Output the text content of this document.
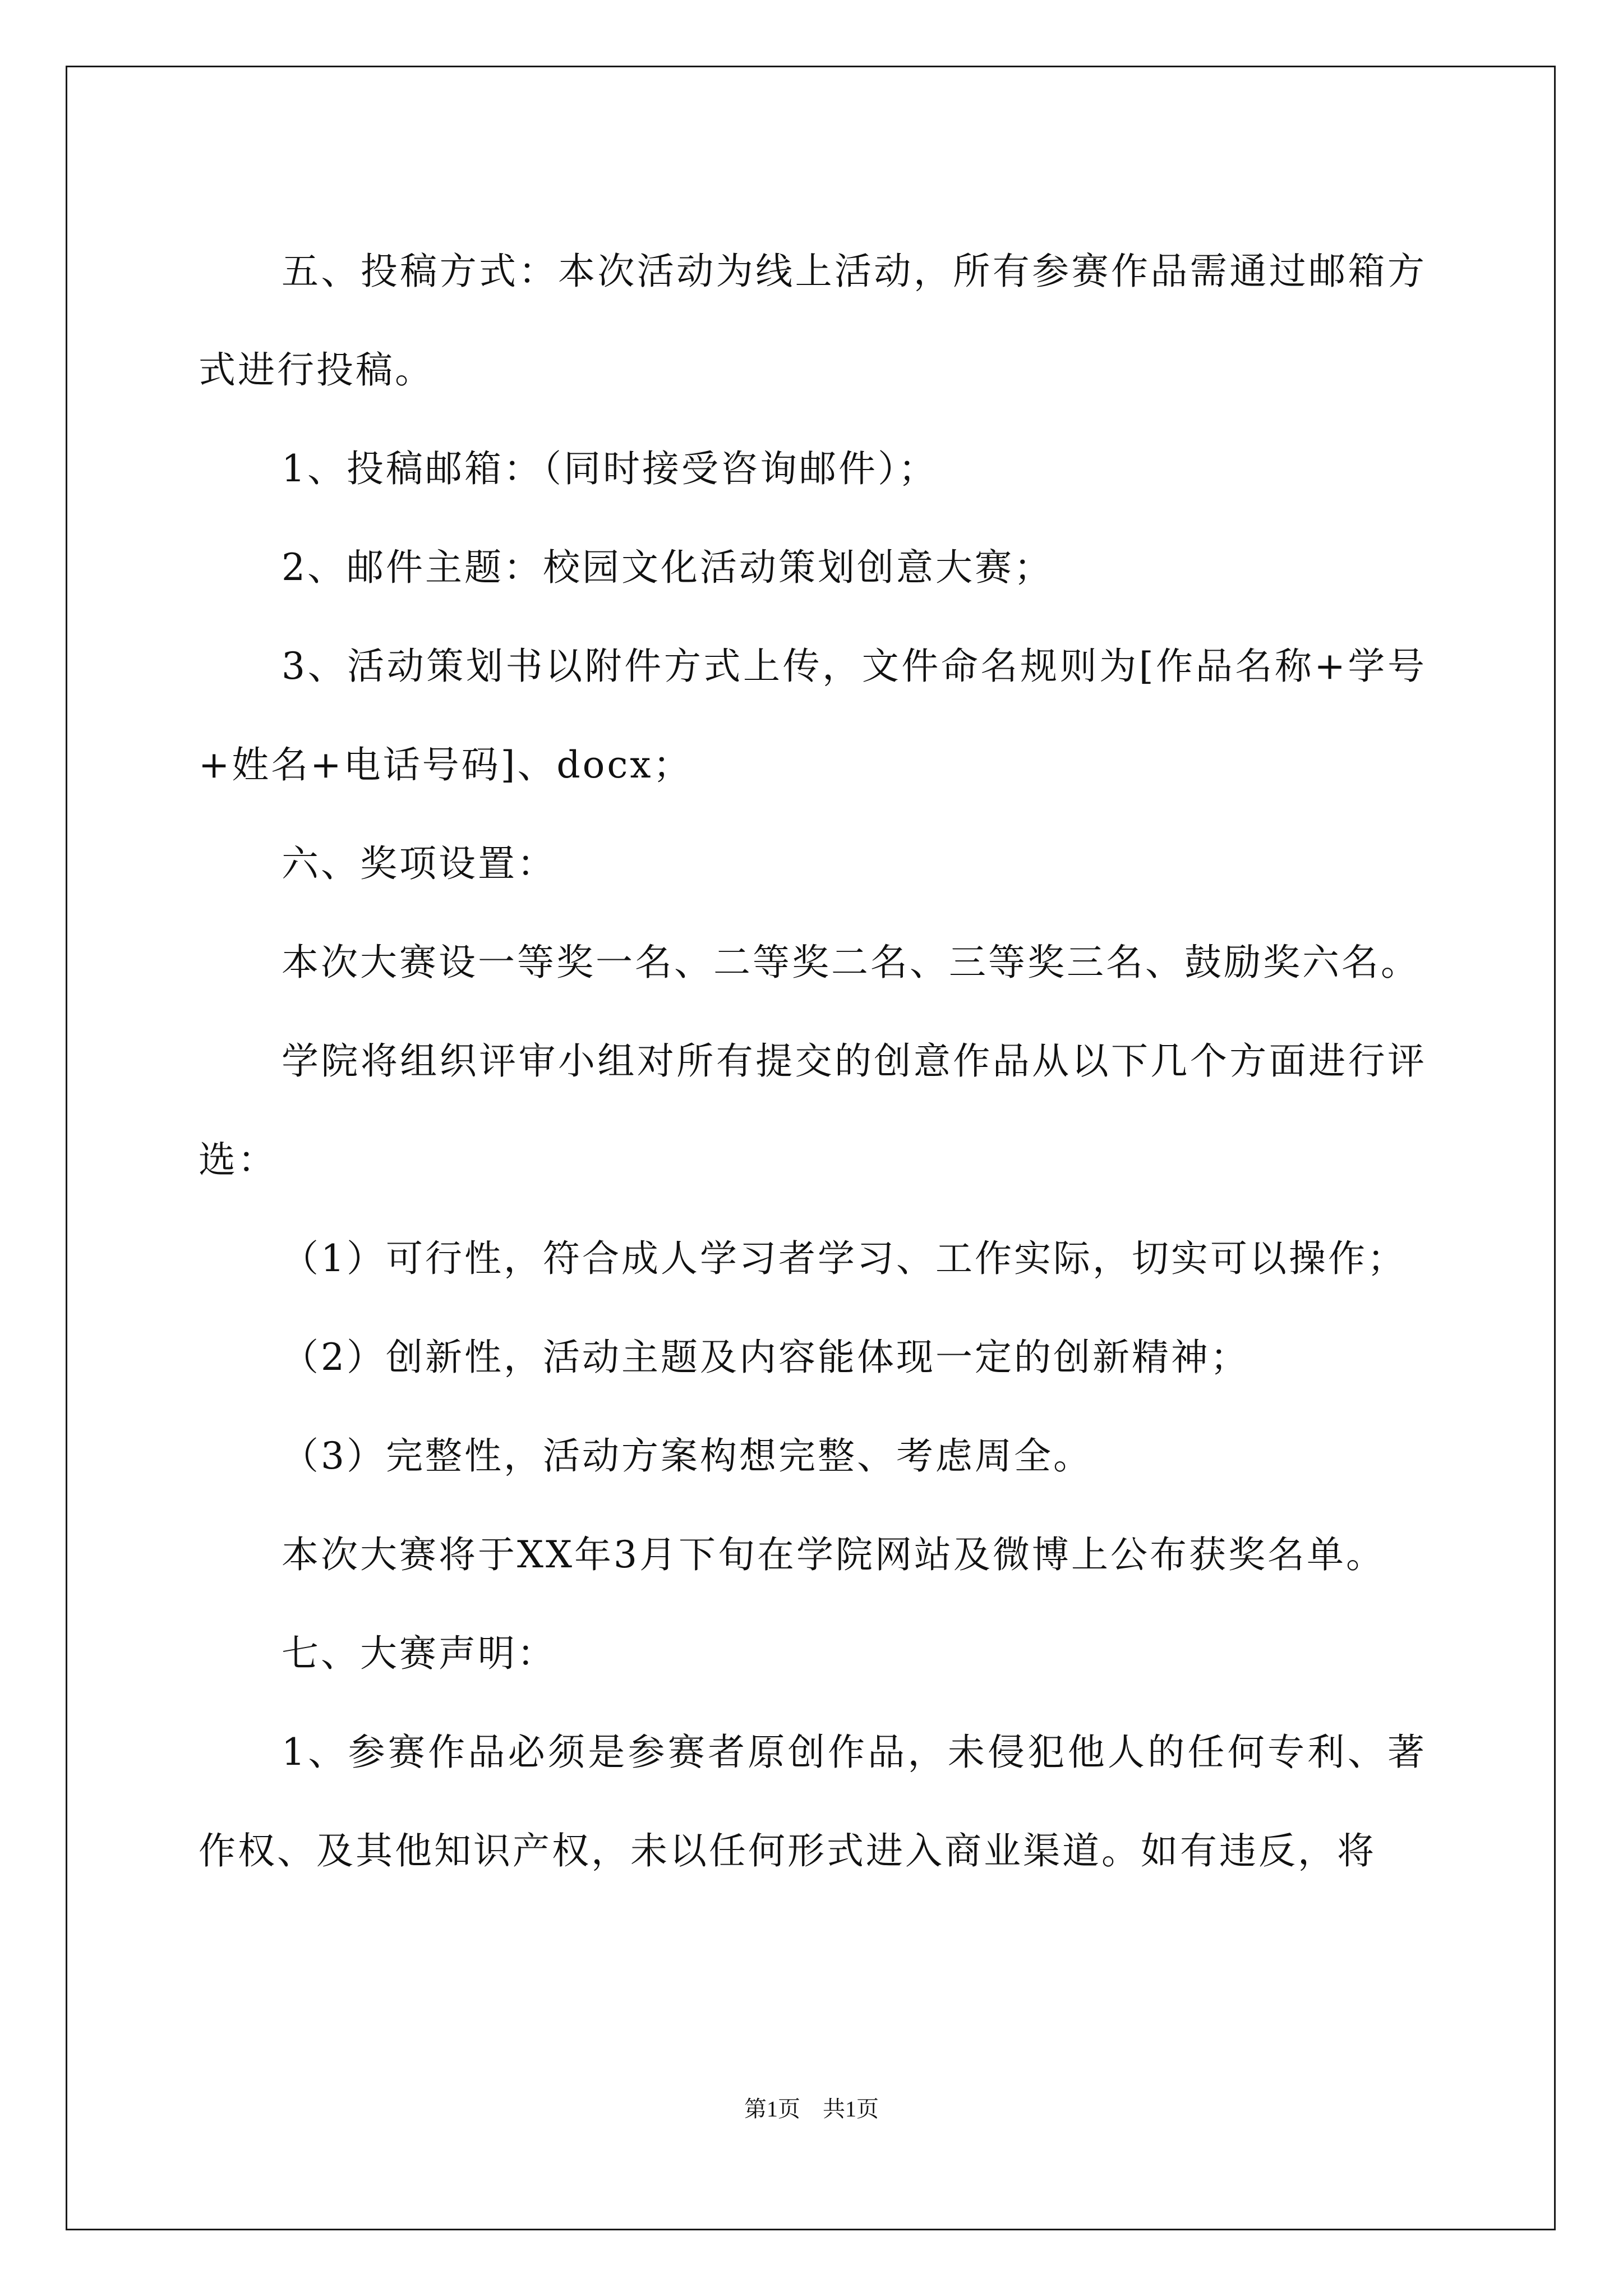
五、投稿方式：本次活动为线上活动，所有参赛作品需通过邮箱方式进行投稿。

1、投稿邮箱：（同时接受咨询邮件）；

2、邮件主题：校园文化活动策划创意大赛；

3、活动策划书以附件方式上传，文件命名规则为[作品名称+学号+姓名+电话号码]、docx；

六、奖项设置：

本次大赛设一等奖一名、二等奖二名、三等奖三名、鼓励奖六名。

学院将组织评审小组对所有提交的创意作品从以下几个方面进行评选：

（1）可行性，符合成人学习者学习、工作实际，切实可以操作；

（2）创新性，活动主题及内容能体现一定的创新精神；

（3）完整性，活动方案构想完整、考虑周全。

本次大赛将于XX年3月下旬在学院网站及微博上公布获奖名单。

七、大赛声明：

1、参赛作品必须是参赛者原创作品，未侵犯他人的任何专利、著作权、及其他知识产权，未以任何形式进入商业渠道。如有违反，将

第1页 共1页
